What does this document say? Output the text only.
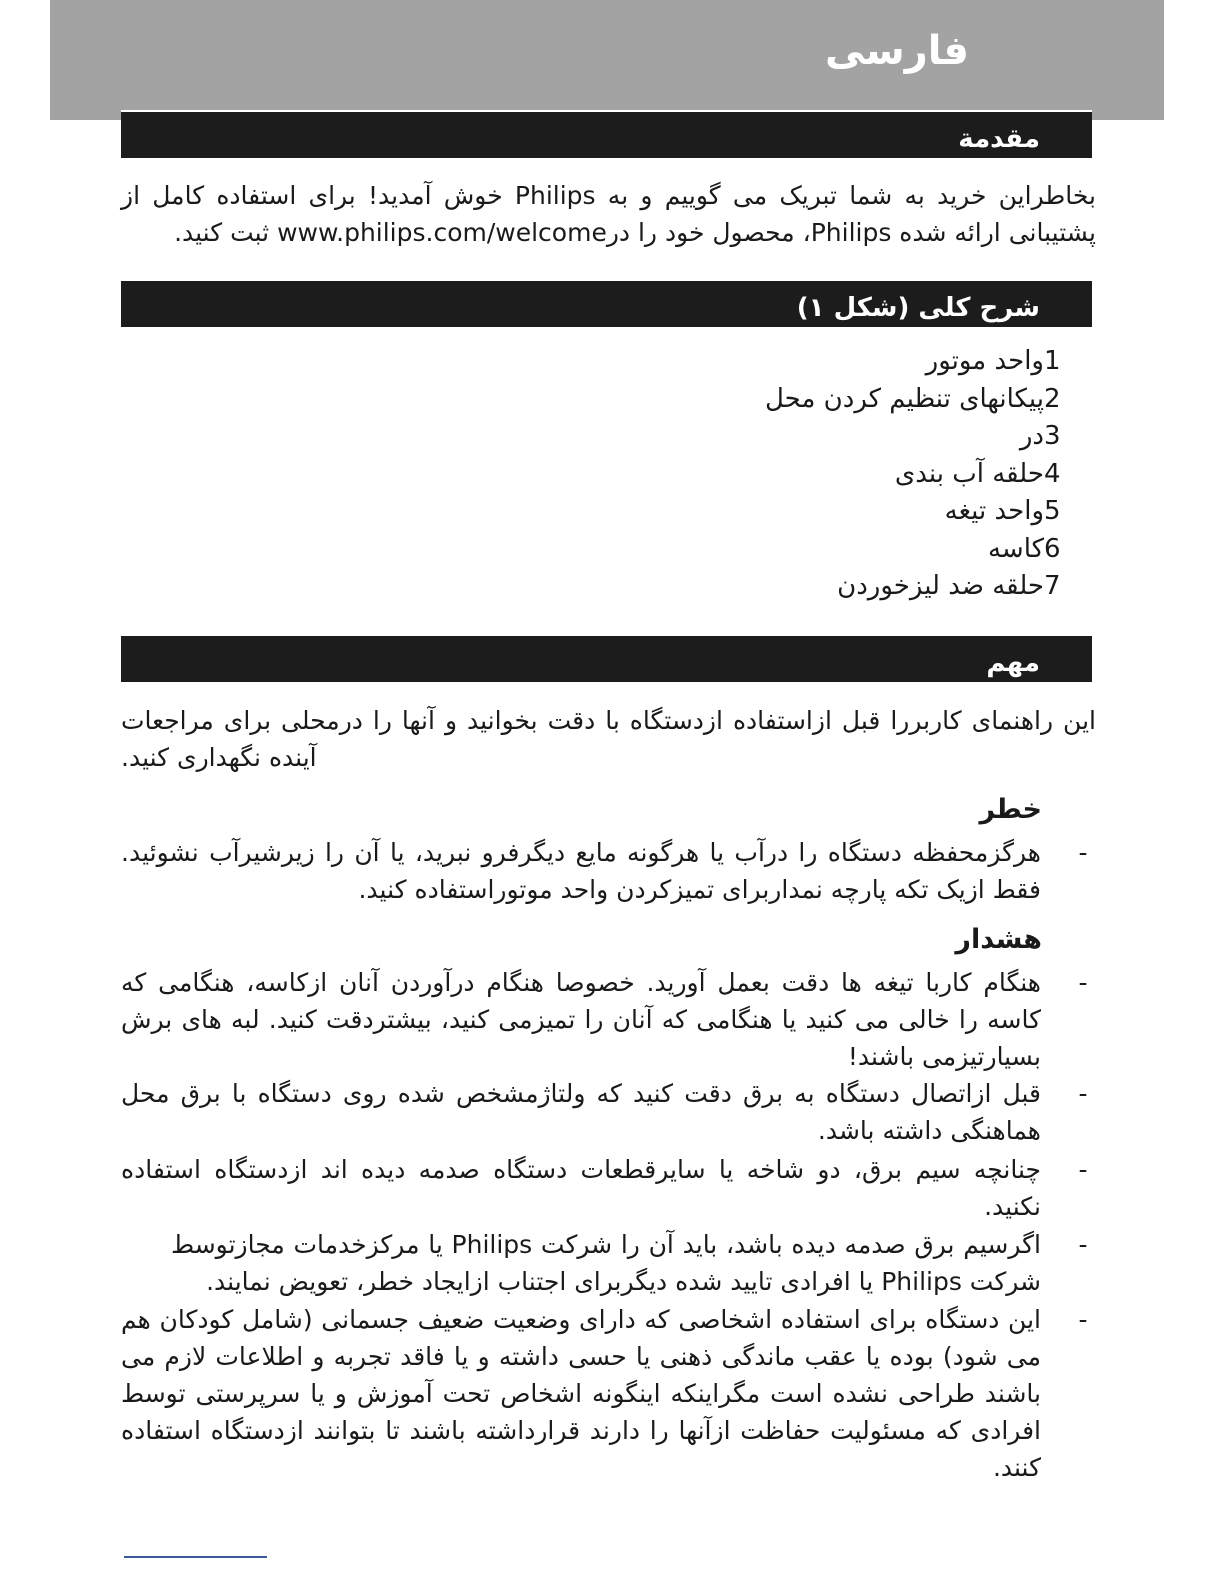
فارسی
مقدمة

بخاطراین خرید به شما تبریک می گوییم و به Philips خوش آمدید! برای استفاده کامل از پشتیبانی ارائه شده Philips، محصول خود را درwww.philips.com/welcome ثبت کنید.

شرح کلی (شکل ۱)
1واحد موتور
2پیکانهای تنظیم کردن محل
3در
4حلقه آب بندی
5واحد تیغه
6کاسه
7حلقه ضد لیزخوردن
مهم

این راهنمای کاربررا قبل ازاستفاده ازدستگاه با دقت بخوانید و آنها را درمحلی برای مراجعات آینده نگهداری کنید.

خطر
-
هرگزمحفظه دستگاه را درآب یا هرگونه مایع دیگرفرو نبرید، یا آن را زیرشیرآب نشوئید. فقط ازیک تکه پارچه نمداربرای تمیزکردن واحد موتوراستفاده کنید.
هشدار
-
هنگام کاربا تیغه ها دقت بعمل آورید. خصوصا هنگام درآوردن آنان ازکاسه، هنگامی که کاسه را خالی می کنید یا هنگامی که آنان را تمیزمی کنید، بیشتردقت کنید. لبه های برش بسیارتیزمی باشند!
-
قبل ازاتصال دستگاه به برق دقت کنید که ولتاژمشخص شده روی دستگاه با برق محل هماهنگی داشته باشد.
-
چنانچه سیم برق، دو شاخه یا سایرقطعات دستگاه صدمه دیده اند ازدستگاه استفاده نکنید.
-
اگرسیم برق صدمه دیده باشد، باید آن را شرکت Philips یا مرکزخدمات مجازتوسط شرکت Philips یا افرادی تایید شده دیگربرای اجتناب ازایجاد خطر، تعویض نمایند.
-
این دستگاه برای استفاده اشخاصی که دارای وضعیت ضعیف جسمانی (شامل کودکان هم می شود) بوده یا عقب ماندگی ذهنی یا حسی داشته و یا فاقد تجربه و اطلاعات لازم می باشند طراحی نشده است مگراینکه اینگونه اشخاص تحت آموزش و یا سرپرستی توسط افرادی که مسئولیت حفاظت ازآنها را دارند قرارداشته باشند تا بتوانند ازدستگاه استفاده کنند.
